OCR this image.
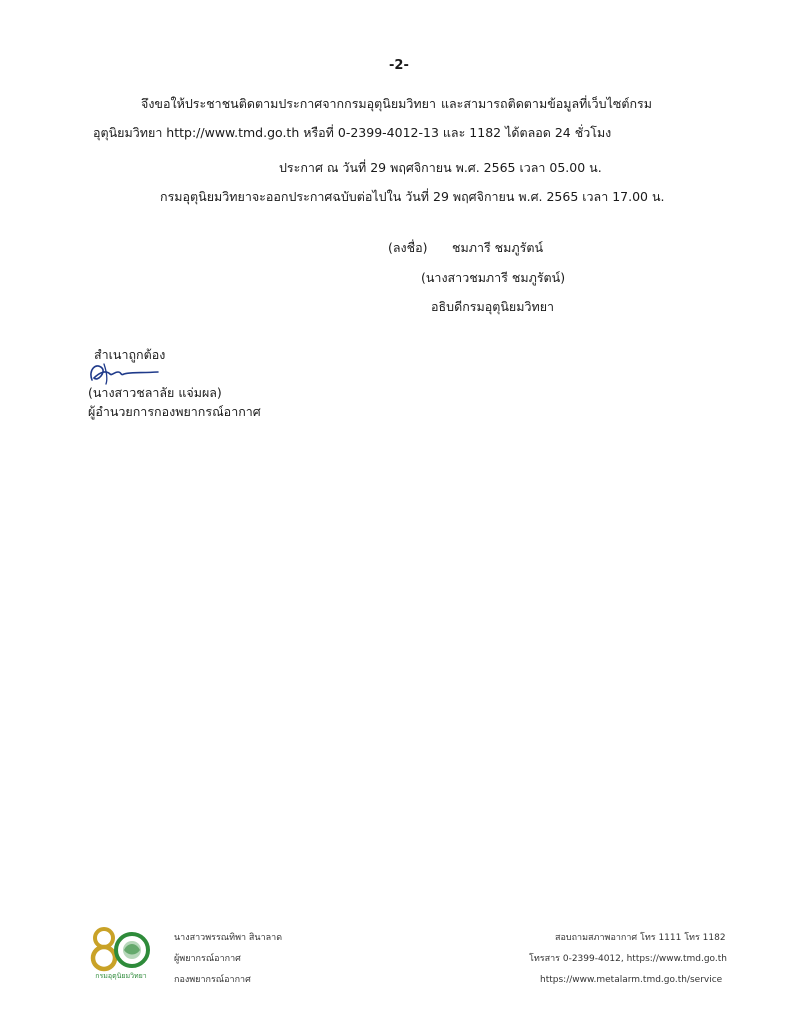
-2-
จึงขอให้ประชาชนติดตามประกาศจากกรมอุตุนิยมวิทยา และสามารถติดตามข้อมูลที่เว็บไซต์กรม
อุตุนิยมวิทยา http://www.tmd.go.th หรือที่ 0-2399-4012-13 และ 1182 ได้ตลอด 24 ชั่วโมง
ประกาศ ณ วันที่ 29 พฤศจิกายน พ.ศ. 2565 เวลา 05.00 น.
กรมอุตุนิยมวิทยาจะออกประกาศฉบับต่อไปใน วันที่ 29 พฤศจิกายน พ.ศ. 2565 เวลา 17.00 น.
(ลงชื่อ) ชมภารี ชมภูรัตน์
(นางสาวชมภารี ชมภูรัตน์)
อธิบดีกรมอุตุนิยมวิทยา
สำเนาถูกต้อง
(นางสาวชลาลัย แจ่มผล)
ผู้อำนวยการกองพยากรณ์อากาศ
กรมอุตุนิยมวิทยา
นางสาวพรรณทิพา สินาลาด
ผู้พยากรณ์อากาศ
กองพยากรณ์อากาศ
สอบถามสภาพอากาศ โทร 1111 โทร 1182
โทรสาร 0-2399-4012, https://www.tmd.go.th
https://www.metalarm.tmd.go.th/service
